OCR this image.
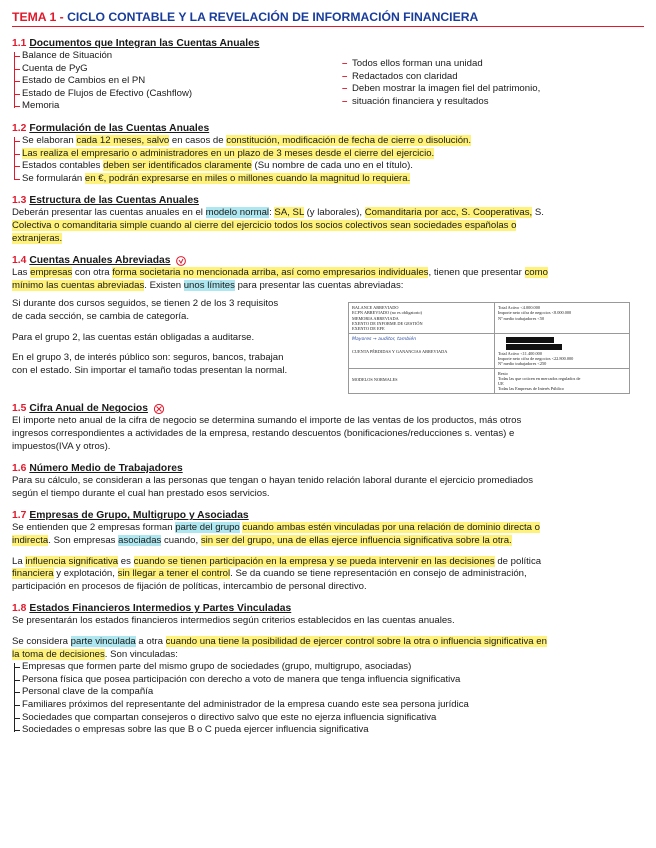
TEMA 1 - CICLO CONTABLE Y LA REVELACIÓN DE INFORMACIÓN FINANCIERA
1.1 Documentos que Integran las Cuentas Anuales
Balance de Situación
Cuenta de PyG
Estado de Cambios en el PN
Estado de Flujos de Efectivo (Cashflow)
Memoria
– Todos ellos forman una unidad
– Redactados con claridad
– Deben mostrar la imagen fiel del patrimonio,
– situación financiera y resultados
1.2 Formulación de las Cuentas Anuales
Se elaboran cada 12 meses, salvo en casos de constitución, modificación de fecha de cierre o disolución.
Las realiza el empresario o administradores en un plazo de 3 meses desde el cierre del ejercicio.
Estados contables deben ser identificados claramente (Su nombre de cada uno en el título).
Se formularán en €, podrán expresarse en miles o millones cuando la magnitud lo requiera.
1.3 Estructura de las Cuentas Anuales

Deberán presentar las cuentas anuales en el modelo normal: SA, SL (y laborales), Comanditaria por acc, S. Cooperativas, S.

Colectiva o comanditaria simple cuando al cierre del ejercicio todos los socios colectivos sean sociedades españolas o

extranjeras.

1.4 Cuentas Anuales Abreviadas

Las empresas con otra forma societaria no mencionada arriba, así como empresarios individuales, tienen que presentar como

mínimo las cuentas abreviadas. Existen unos límites para presentar las cuentas abreviadas:

Si durante dos cursos seguidos, se tienen 2 de los 3 requisitos

de cada sección, se cambia de categoría.

Para el grupo 2, las cuentas están obligadas a auditarse.

En el grupo 3, de interés público son: seguros, bancos, trabajan

con el estado. Sin importar el tamaño todas presentan la normal.

BALANCE ABREVIADO
ECPN ABREVIADO (no es obligatorio)
MEMORIA ABREVIADA
EXENTO DE INFORME DE GESTIÓN
EXENTO DE EFE
Total Activo <4.000.000
Importe neto cifra de negocios <8.000.000
Nº medio trabajadores <50
Mayores → auditor, también
CUENTA PÉRDIDAS Y GANANCIAS ABREVIADA	Total Activo <11.400.000
Importe neto cifra de negocios <22.800.000
Nº medio trabajadores <250
MODELOS NORMALES
Resto
Todas las que coticen en mercados regulados de
UE
Todas las Empresas de Interés Público
1.5 Cifra Anual de Negocios

El importe neto anual de la cifra de negocio se determina sumando el importe de las ventas de los productos, más otros

ingresos correspondientes a actividades de la empresa, restando descuentos (bonificaciones/reducciones s. ventas) e

impuestos(IVA y otros).

1.6 Número Medio de Trabajadores

Para su cálculo, se consideran a las personas que tengan o hayan tenido relación laboral durante el ejercicio promediados

según el tiempo durante el cual han prestado esos servicios.

1.7 Empresas de Grupo, Multigrupo y Asociadas

Se entienden que 2 empresas forman parte del grupo cuando ambas estén vinculadas por una relación de dominio directa o

indirecta. Son empresas asociadas cuando, sin ser del grupo, una de ellas ejerce influencia significativa sobre la otra.

La influencia significativa es cuando se tienen participación en la empresa y se pueda intervenir en las decisiones de política

financiera y explotación, sin llegar a tener el control. Se da cuando se tiene representación en consejo de administración,

participación en procesos de fijación de políticas, intercambio de personal directivo.

1.8 Estados Financieros Intermedios y Partes Vinculadas

Se presentarán los estados financieros intermedios según criterios establecidos en las cuentas anuales.

Se considera parte vinculada a otra cuando una tiene la posibilidad de ejercer control sobre la otra o influencia significativa en

la toma de decisiones. Son vinculadas:

Empresas que formen parte del mismo grupo de sociedades (grupo, multigrupo, asociadas)
Persona física que posea participación con derecho a voto de manera que tenga influencia significativa
Personal clave de la compañía
Familiares próximos del representante del administrador de la empresa cuando este sea persona jurídica
Sociedades que compartan consejeros o directivo salvo que este no ejerza influencia significativa
Sociedades o empresas sobre las que B o C pueda ejercer influencia significativa
